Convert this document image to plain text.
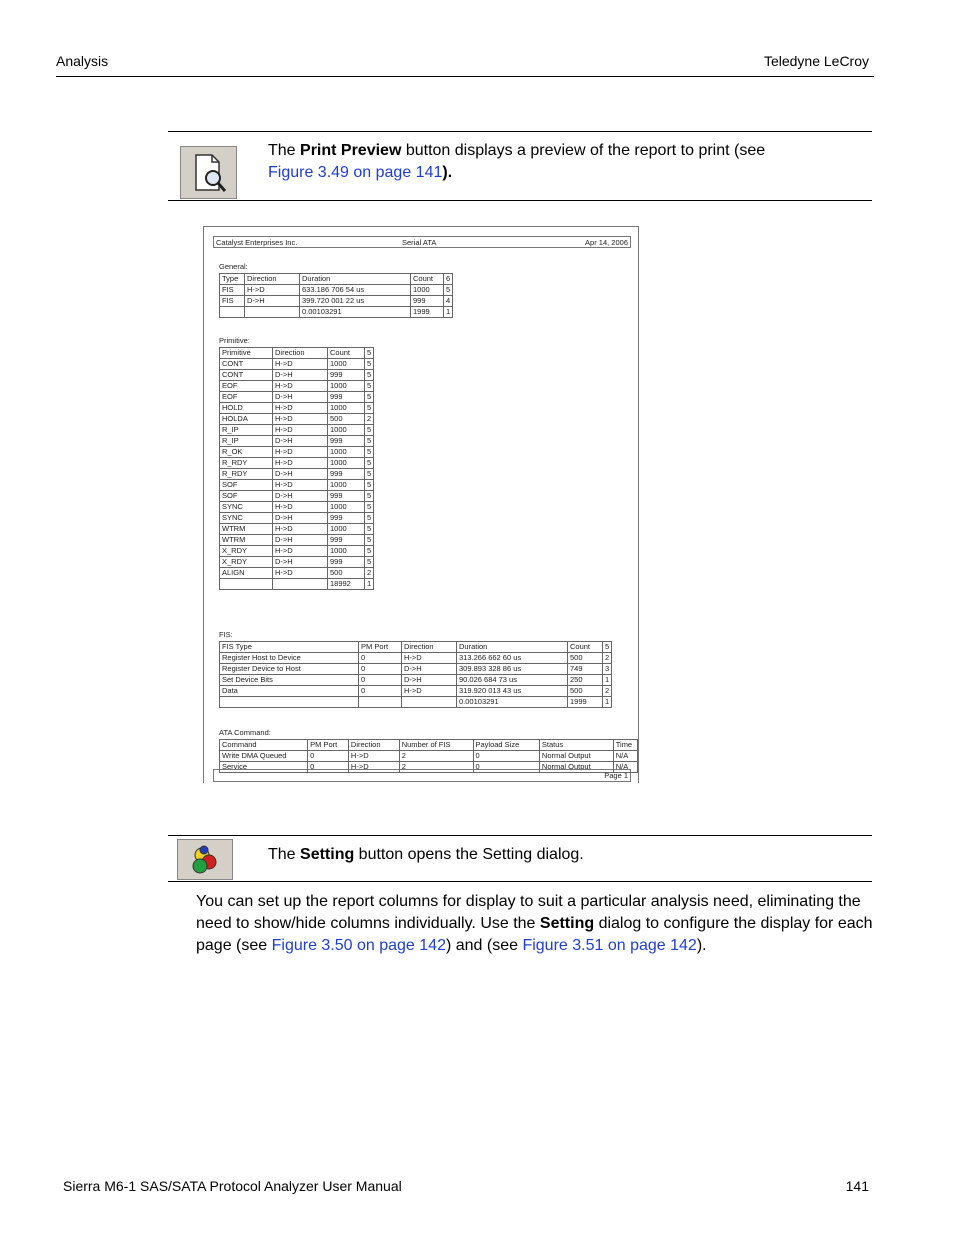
Analysis	Teledyne LeCroy
The Print Preview button displays a preview of the report to print (see
Figure 3.49 on page 141).
Catalyst Enterprises Inc.	Serial ATA	Apr 14, 2006
General:
Type	Direction	Duration	Count	6
FIS	H->D	633.186 706 54 us	1000	5
FIS	D->H	399.720 001 22 us	999	4
		0.00103291	1999	1
Primitive:
Primitive	Direction	Count	5
CONT	H->D	1000	5
CONT	D->H	999	5
EOF	H->D	1000	5
EOF	D->H	999	5
HOLD	H->D	1000	5
HOLDA	H->D	500	2
R_IP	H->D	1000	5
R_IP	D->H	999	5
R_OK	H->D	1000	5
R_RDY	H->D	1000	5
R_RDY	D->H	999	5
SOF	H->D	1000	5
SOF	D->H	999	5
SYNC	H->D	1000	5
SYNC	D->H	999	5
WTRM	H->D	1000	5
WTRM	D->H	999	5
X_RDY	H->D	1000	5
X_RDY	D->H	999	5
ALIGN	H->D	500	2
		18992	1
FIS:
FIS Type	PM Port	Direction	Duration	Count	5
Register Host to Device	0	H->D	313.266 662 60 us	500	2
Register Device to Host	0	D->H	309.893 328 86 us	749	3
Set Device Bits	0	D->H	90.026 684 73 us	250	1
Data	0	H->D	319.920 013 43 us	500	2
			0.00103291	1999	1
ATA Command:
Command	PM Port	Direction	Number of FIS	Payload Size	Status	Time
Write DMA Queued	0	H->D	2	0	Normal Output	N/A
Service	0	H->D	2	0	Normal Output	N/A
Page 1
The Setting button opens the Setting dialog.
You can set up the report columns for display to suit a particular analysis need, eliminating the need to show/hide columns individually. Use the Setting dialog to configure the display for each page (see Figure 3.50 on page 142) and (see Figure 3.51 on page 142).
Sierra M6-1 SAS/SATA Protocol Analyzer User Manual	141
